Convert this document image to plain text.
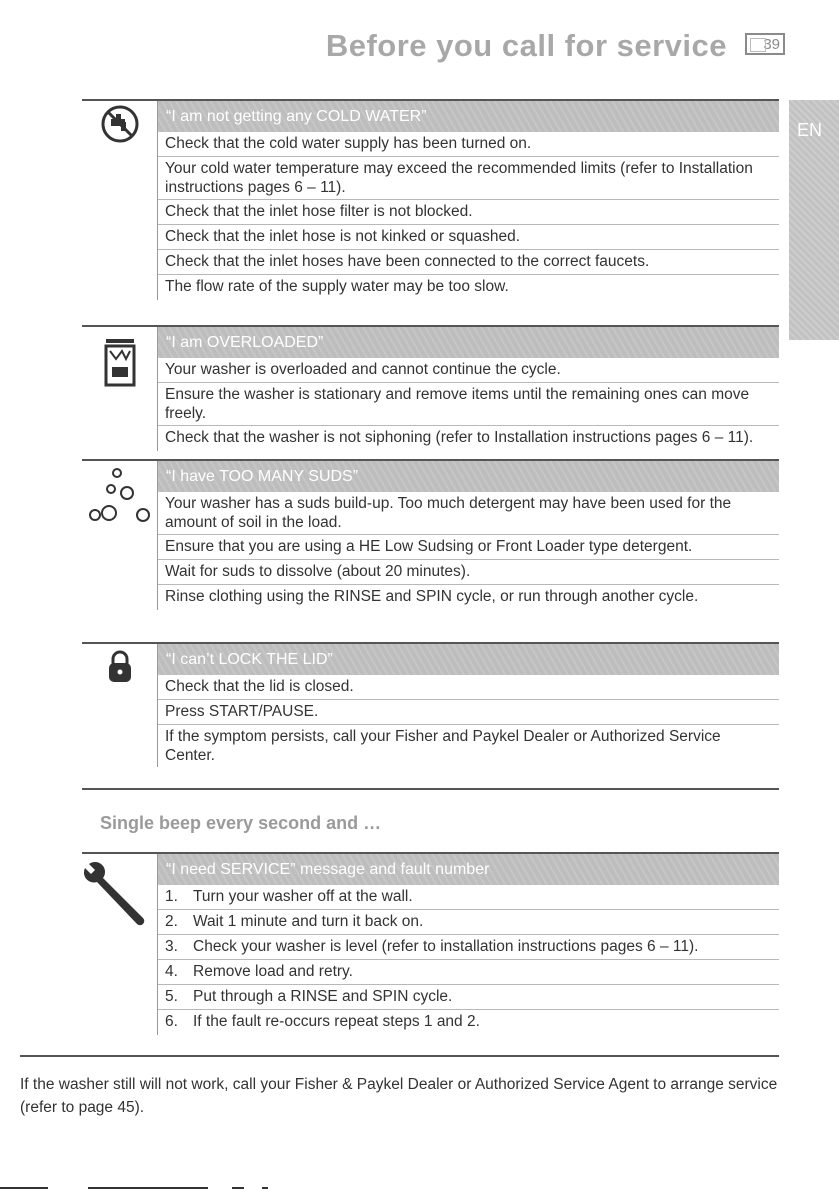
Before you call for service	39
EN
“I am not getting any COLD WATER”
Check that the cold water supply has been turned on.
Your cold water temperature may exceed the recommended limits (refer to Installation instructions pages 6 – 11).
Check that the inlet hose filter is not blocked.
Check that the inlet hose is not kinked or squashed.
Check that the inlet hoses have been connected to the correct faucets.
The flow rate of the supply water may be too slow.
“I am OVERLOADED”
Your washer is overloaded and cannot continue the cycle.
Ensure the washer is stationary and remove items until the remaining ones can move freely.
Check that the washer is not siphoning (refer to Installation instructions pages 6 – 11).
“I have TOO MANY SUDS”
Your washer has a suds build-up. Too much detergent may have been used for the amount of soil in the load.
Ensure that you are using a HE Low Sudsing or Front Loader type detergent.
Wait for suds to dissolve (about 20 minutes).
Rinse clothing using the RINSE and SPIN cycle, or run through another cycle.
“I can’t LOCK THE LID”
Check that the lid is closed.
Press START/PAUSE.
If the symptom persists, call your Fisher and Paykel Dealer or Authorized Service Center.
Single beep every second and …
“I need SERVICE” message and fault number
1. Turn your washer off at the wall.
2. Wait 1 minute and turn it back on.
3. Check your washer is level (refer to installation instructions pages 6 – 11).
4. Remove load and retry.
5. Put through a RINSE and SPIN cycle.
6. If the fault re-occurs repeat steps 1 and 2.
If the washer still will not work, call your Fisher & Paykel Dealer or Authorized Service Agent to arrange service (refer to page 45).
